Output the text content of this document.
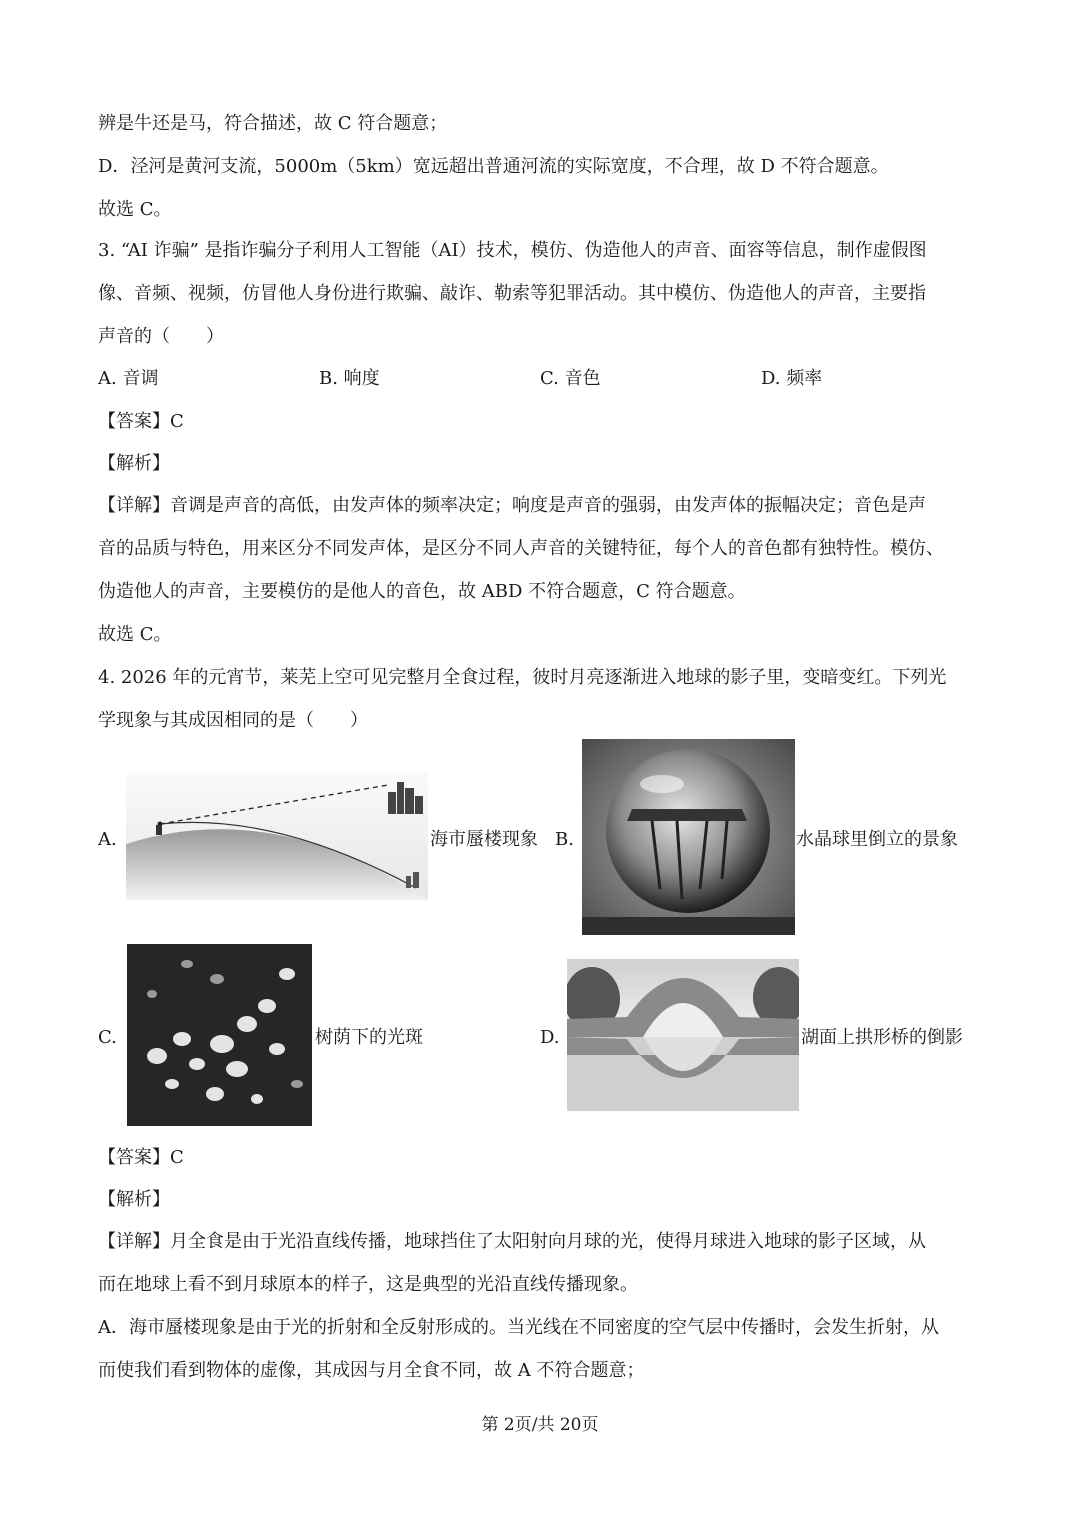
辨是牛还是马，符合描述，故 C 符合题意；
D．泾河是黄河支流，5000m（5km）宽远超出普通河流的实际宽度，不合理，故 D 不符合题意。
故选 C。
3. “AI 诈骗” 是指诈骗分子利用人工智能（AI）技术，模仿、伪造他人的声音、面容等信息，制作虚假图
像、音频、视频，仿冒他人身份进行欺骗、敲诈、勒索等犯罪活动。其中模仿、伪造他人的声音，主要指
声音的（　　）
A. 音调	B. 响度	C. 音色	D. 频率
【答案】C
【解析】
【详解】音调是声音的高低，由发声体的频率决定；响度是声音的强弱，由发声体的振幅决定；音色是声
音的品质与特色，用来区分不同发声体，是区分不同人声音的关键特征，每个人的音色都有独特性。模仿、
伪造他人的声音，主要模仿的是他人的音色，故 ABD 不符合题意，C 符合题意。
故选 C。
4. 2026 年的元宵节，莱芜上空可见完整月全食过程，彼时月亮逐渐进入地球的影子里，变暗变红。下列光
学现象与其成因相同的是（　　）
A.	海市蜃楼现象 B.	水晶球里倒立的景象
C.	树荫下的光斑	D.	湖面上拱形桥的倒影
【答案】C
【解析】
【详解】月全食是由于光沿直线传播，地球挡住了太阳射向月球的光，使得月球进入地球的影子区域，从
而在地球上看不到月球原本的样子，这是典型的光沿直线传播现象。
A．海市蜃楼现象是由于光的折射和全反射形成的。当光线在不同密度的空气层中传播时，会发生折射，从
而使我们看到物体的虚像，其成因与月全食不同，故 A 不符合题意；
第 2页/共 20页
